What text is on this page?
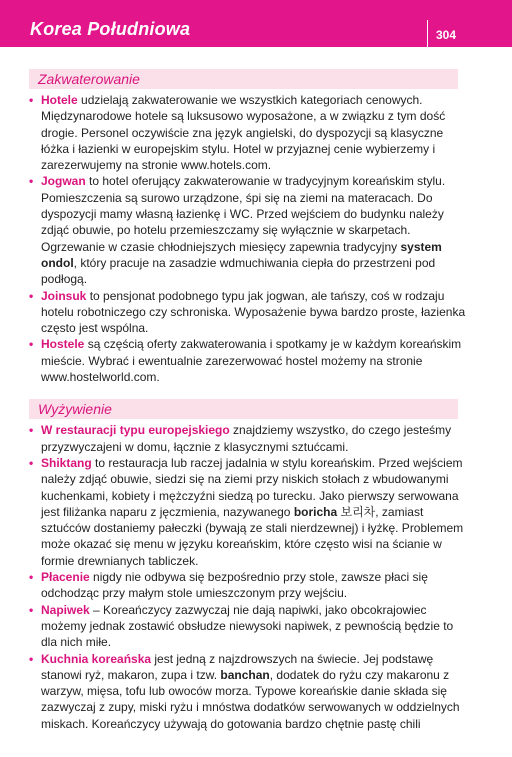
Korea Południowa	304
Zakwaterowanie
• Hotele udzielają zakwaterowanie we wszystkich kategoriach cenowych. Międzynarodowe hotele są luksusowo wyposażone, a w związku z tym dość drogie. Personel oczywiście zna język angielski, do dyspozycji są klasyczne łóżka i łazienki w europejskim stylu. Hotel w przyjaznej cenie wybierzemy i zarezerwujemy na stronie www.hotels.com.
• Jogwan to hotel oferujący zakwaterowanie w tradycyjnym koreańskim stylu. Pomieszczenia są surowo urządzone, śpi się na ziemi na materacach. Do dyspozycji mamy własną łazienkę i WC. Przed wejściem do budynku należy zdjąć obuwie, po hotelu przemieszczamy się wyłącznie w skarpetach. Ogrzewanie w czasie chłodniejszych miesięcy zapewnia tradycyjny system ondol, który pracuje na zasadzie wdmuchiwania ciepła do przestrzeni pod podłogą.
• Joinsuk to pensjonat podobnego typu jak jogwan, ale tańszy, coś w rodzaju hotelu robotniczego czy schroniska. Wyposażenie bywa bardzo proste, łazienka często jest wspólna.
• Hostele są częścią oferty zakwaterowania i spotkamy je w każdym koreańskim mieście. Wybrać i ewentualnie zarezerwować hostel możemy na stronie www.hostelworld.com.
Wyżywienie
• W restauracji typu europejskiego znajdziemy wszystko, do czego jesteśmy przyzwyczajeni w domu, łącznie z klasycznymi sztućcami.
• Shiktang to restauracja lub raczej jadalnia w stylu koreańskim. Przed wejściem należy zdjąć obuwie, siedzi się na ziemi przy niskich stołach z wbudowanymi kuchenkami, kobiety i mężczyźni siedzą po turecku. Jako pierwszy serwowana jest filiżanka naparu z jęczmienia, nazywanego boricha 보리차, zamiast sztućców dostaniemy pałeczki (bywają ze stali nierdzewnej) i łyżkę. Problemem może okazać się menu w języku koreańskim, które często wisi na ścianie w formie drewnianych tabliczek.
• Płacenie nigdy nie odbywa się bezpośrednio przy stole, zawsze płaci się odchodząc przy małym stole umieszczonym przy wejściu.
• Napiwek – Koreańczycy zazwyczaj nie dają napiwki, jako obcokrajowiec możemy jednak zostawić obsłudze niewysoki napiwek, z pewnością będzie to dla nich miłe.
• Kuchnia koreańska jest jedną z najzdrowszych na świecie. Jej podstawę stanowi ryż, makaron, zupa i tzw. banchan, dodatek do ryżu czy makaronu z warzyw, mięsa, tofu lub owoców morza. Typowe koreańskie danie składa się zazwyczaj z zupy, miski ryżu i mnóstwa dodatków serwowanych w oddzielnych miskach. Koreańczycy używają do gotowania bardzo chętnie pastę chili
